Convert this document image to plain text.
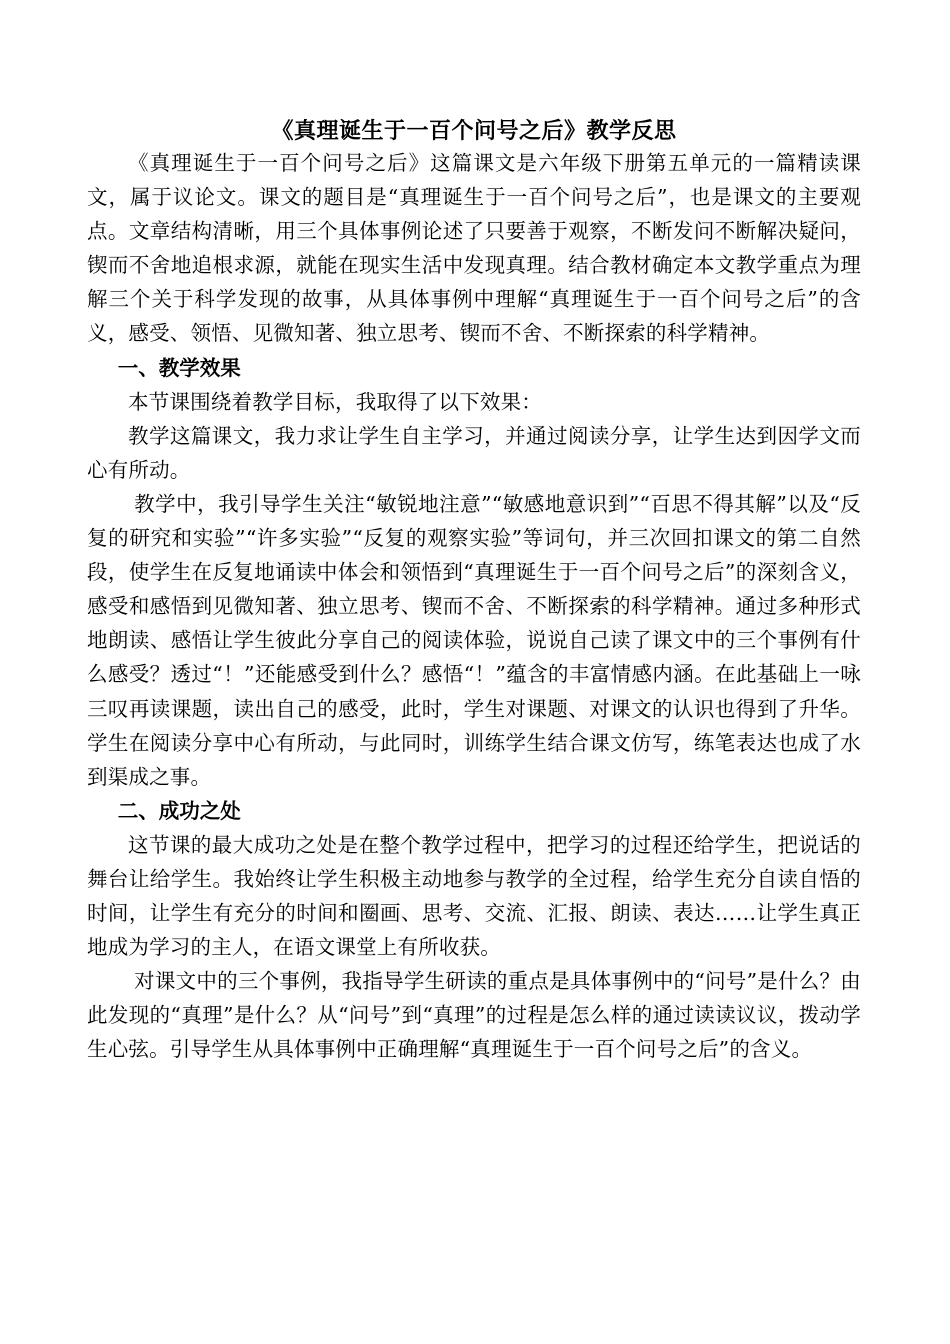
《真理诞生于一百个问号之后》教学反思

《真理诞生于一百个问号之后》这篇课文是六年级下册第五单元的一篇精读课文，属于议论文。课文的题目是“真理诞生于一百个问号之后”，也是课文的主要观点。文章结构清晰，用三个具体事例论述了只要善于观察，不断发问不断解决疑问，锲而不舍地追根求源，就能在现实生活中发现真理。结合教材确定本文教学重点为理解三个关于科学发现的故事，从具体事例中理解“真理诞生于一百个问号之后”的含义，感受、领悟、见微知著、独立思考、锲而不舍、不断探索的科学精神。

一、教学效果

本节课围绕着教学目标，我取得了以下效果：

教学这篇课文，我力求让学生自主学习，并通过阅读分享，让学生达到因学文而心有所动。

教学中，我引导学生关注“敏锐地注意”“敏感地意识到”“百思不得其解”以及“反复的研究和实验”“许多实验”“反复的观察实验”等词句，并三次回扣课文的第二自然段，使学生在反复地诵读中体会和领悟到“真理诞生于一百个问号之后”的深刻含义，感受和感悟到见微知著、独立思考、锲而不舍、不断探索的科学精神。通过多种形式地朗读、感悟让学生彼此分享自己的阅读体验，说说自己读了课文中的三个事例有什么感受？透过“！”还能感受到什么？感悟“！”蕴含的丰富情感内涵。在此基础上一咏三叹再读课题，读出自己的感受，此时，学生对课题、对课文的认识也得到了升华。学生在阅读分享中心有所动，与此同时，训练学生结合课文仿写，练笔表达也成了水到渠成之事。

二、成功之处

这节课的最大成功之处是在整个教学过程中，把学习的过程还给学生，把说话的舞台让给学生。我始终让学生积极主动地参与教学的全过程，给学生充分自读自悟的时间，让学生有充分的时间和圈画、思考、交流、汇报、朗读、表达……让学生真正地成为学习的主人，在语文课堂上有所收获。

对课文中的三个事例，我指导学生研读的重点是具体事例中的“问号”是什么？由此发现的“真理”是什么？从“问号”到“真理”的过程是怎么样的通过读读议议，拨动学生心弦。引导学生从具体事例中正确理解“真理诞生于一百个问号之后”的含义。
